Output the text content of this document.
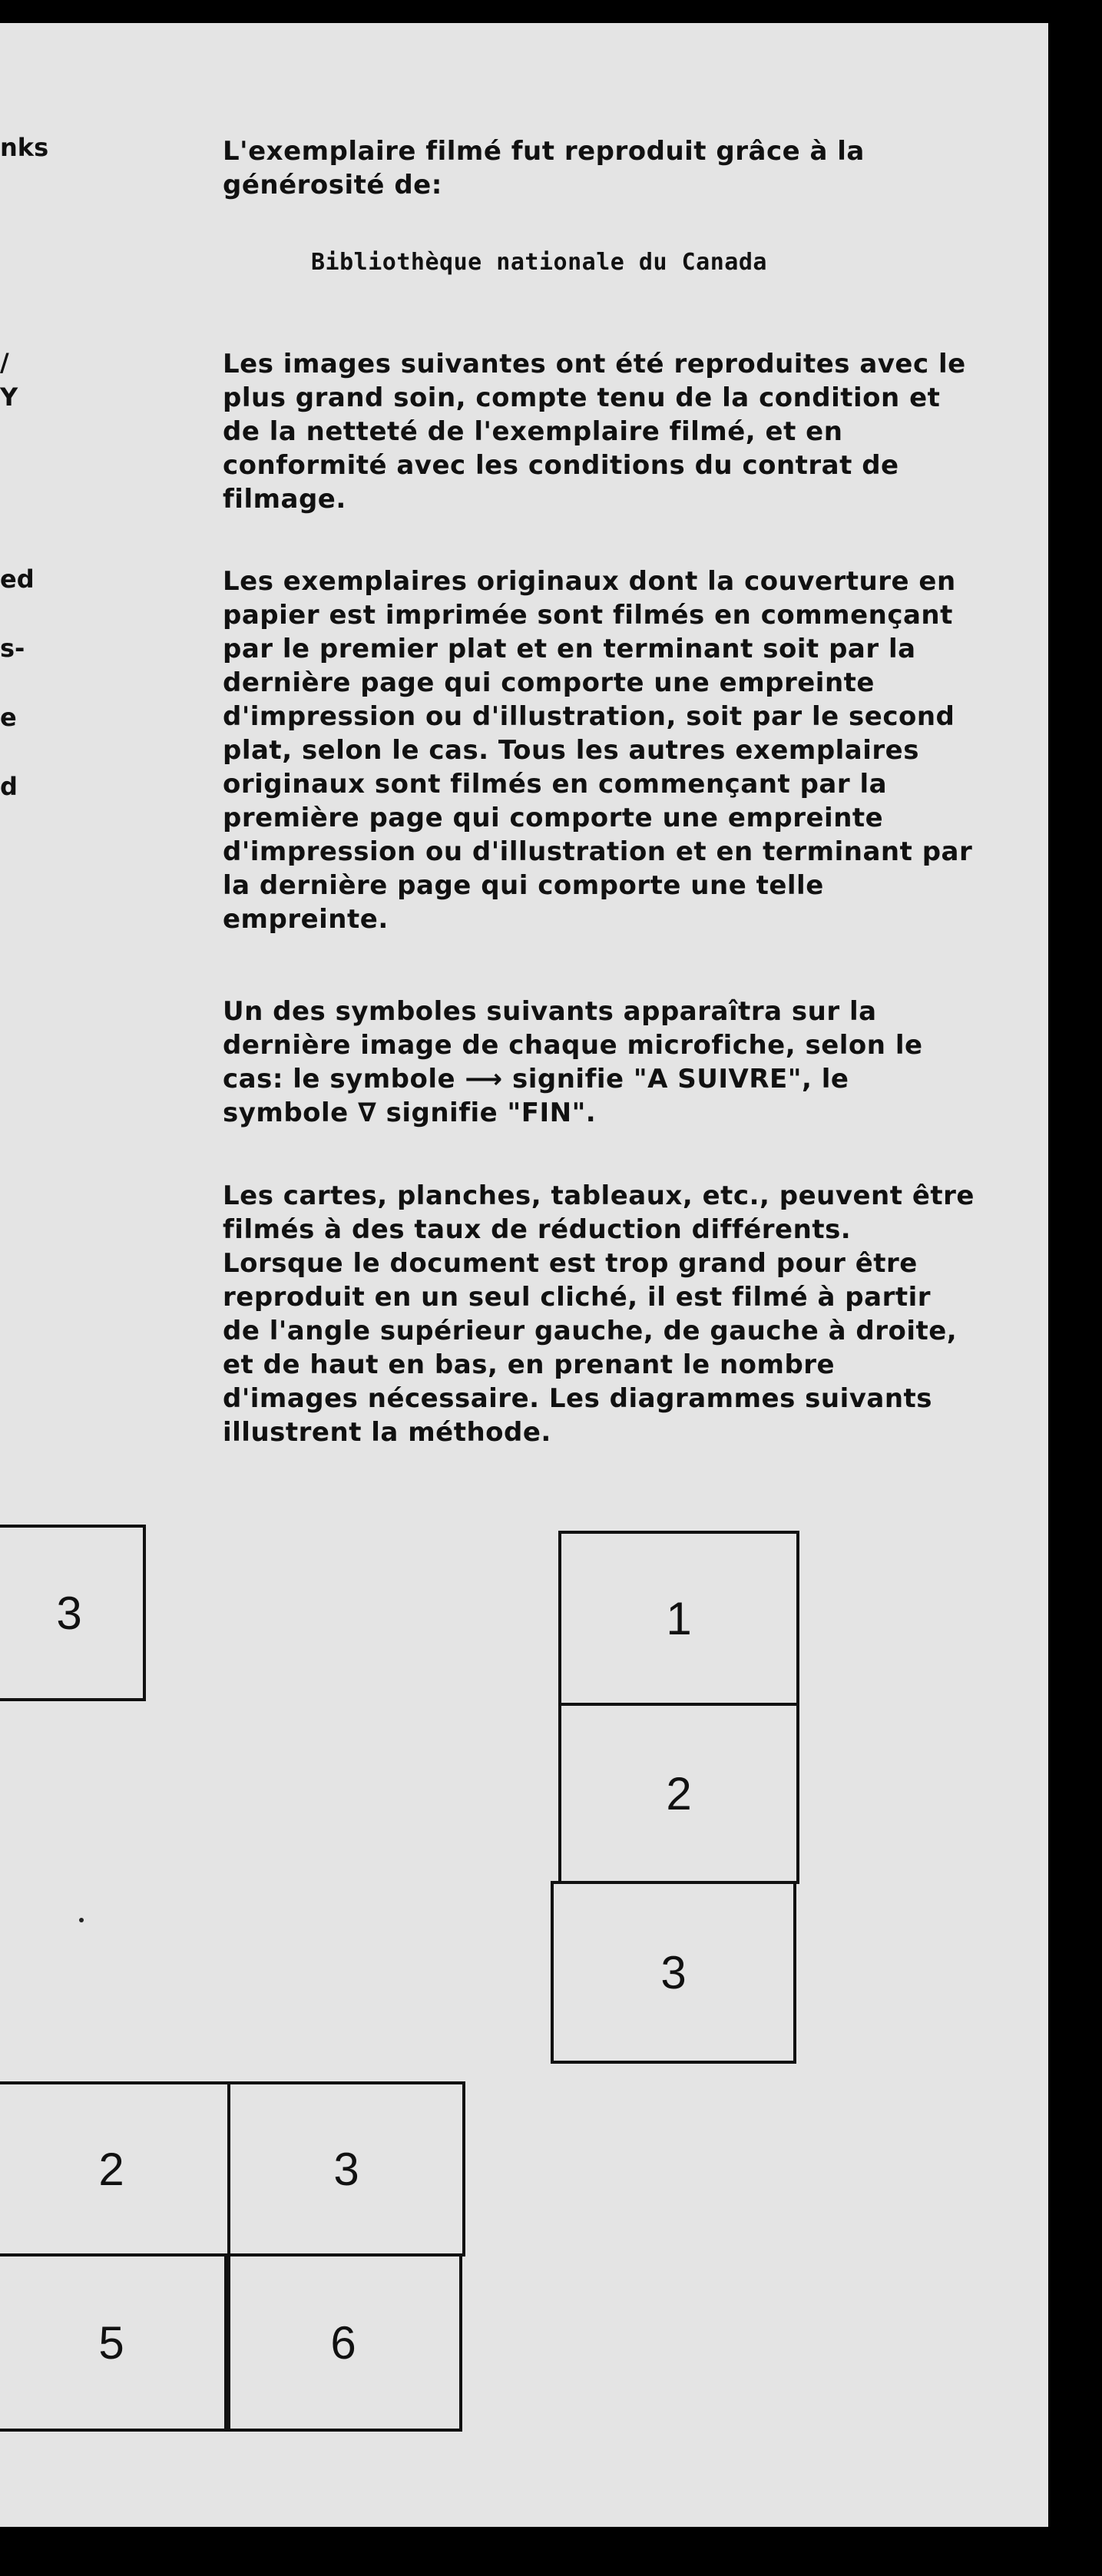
nks
/
Y
ed
s-
e
d
L'exemplaire filmé fut reproduit grâce à la
générosité de:
Bibliothèque nationale du Canada
Les images suivantes ont été reproduites avec le
plus grand soin, compte tenu de la condition et
de la netteté de l'exemplaire filmé, et en
conformité avec les conditions du contrat de
filmage.
Les exemplaires originaux dont la couverture en
papier est imprimée sont filmés en commençant
par le premier plat et en terminant soit par la
dernière page qui comporte une empreinte
d'impression ou d'illustration, soit par le second
plat, selon le cas. Tous les autres exemplaires
originaux sont filmés en commençant par la
première page qui comporte une empreinte
d'impression ou d'illustration et en terminant par
la dernière page qui comporte une telle
empreinte.
Un des symboles suivants apparaîtra sur la
dernière image de chaque microfiche, selon le
cas: le symbole ⟶ signifie "A SUIVRE", le
symbole ∇ signifie "FIN".
Les cartes, planches, tableaux, etc., peuvent être
filmés à des taux de réduction différents.
Lorsque le document est trop grand pour être
reproduit en un seul cliché, il est filmé à partir
de l'angle supérieur gauche, de gauche à droite,
et de haut en bas, en prenant le nombre
d'images nécessaire. Les diagrammes suivants
illustrent la méthode.
3	1
2
3
2	3
5	6
